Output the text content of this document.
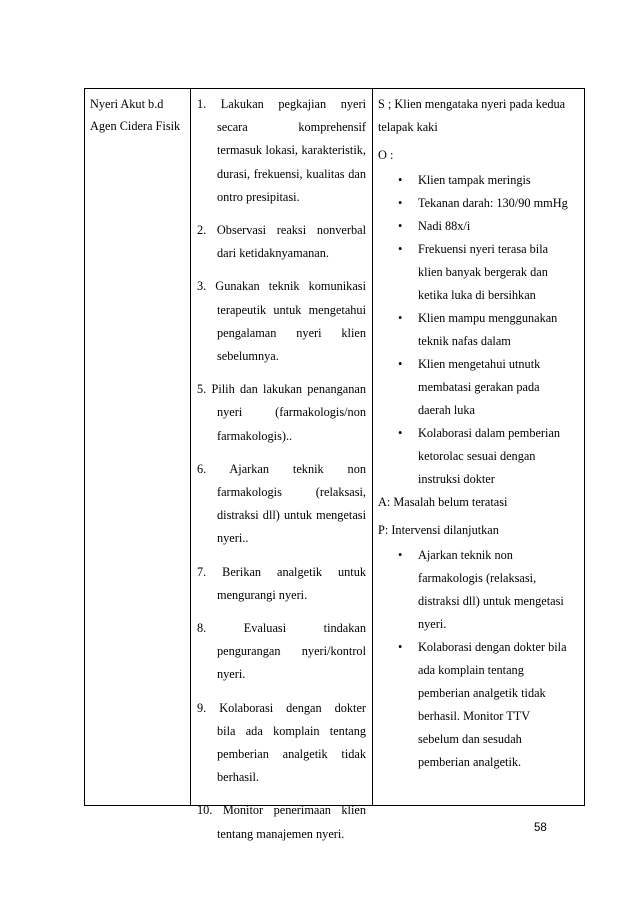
Nyeri Akut b.d Agen Cidera Fisik

1. Lakukan pegkajian nyeri

secara komprehensif

termasuk lokasi, karakteristik,

durasi, frekuensi, kualitas dan

ontro presipitasi.

2. Observasi reaksi nonverbal

dari ketidaknyamanan.

3. Gunakan teknik komunikasi

terapeutik untuk mengetahui

pengalaman nyeri klien

sebelumnya.

5. Pilih dan lakukan penanganan

nyeri (farmakologis/non

farmakologis)..

6. Ajarkan teknik non

farmakologis (relaksasi,

distraksi dll) untuk mengetasi

nyeri..

7. Berikan analgetik untuk

mengurangi nyeri.

8. Evaluasi tindakan

pengurangan nyeri/kontrol

nyeri.

9. Kolaborasi dengan dokter

bila ada komplain tentang

pemberian analgetik tidak

berhasil.

10. Monitor penerimaan klien

tentang manajemen nyeri.

S ; Klien mengataka nyeri pada kedua

telapak kaki

O :

• Klien tampak meringis
• Tekanan darah: 130/90 mmHg
• Nadi 88x/i
• Frekuensi nyeri terasa bila
klien banyak bergerak dan
ketika luka di bersihkan
• Klien mampu menggunakan
teknik nafas dalam
• Klien mengetahui utnutk
membatasi gerakan pada
daerah luka
• Kolaborasi dalam pemberian
ketorolac sesuai dengan
instruksi dokter

A: Masalah belum teratasi

P: Intervensi dilanjutkan

• Ajarkan teknik non
farmakologis (relaksasi,
distraksi dll) untuk mengetasi
nyeri.
• Kolaborasi dengan dokter bila
ada komplain tentang
pemberian analgetik tidak
berhasil. Monitor TTV
sebelum dan sesudah
pemberian analgetik.
58
